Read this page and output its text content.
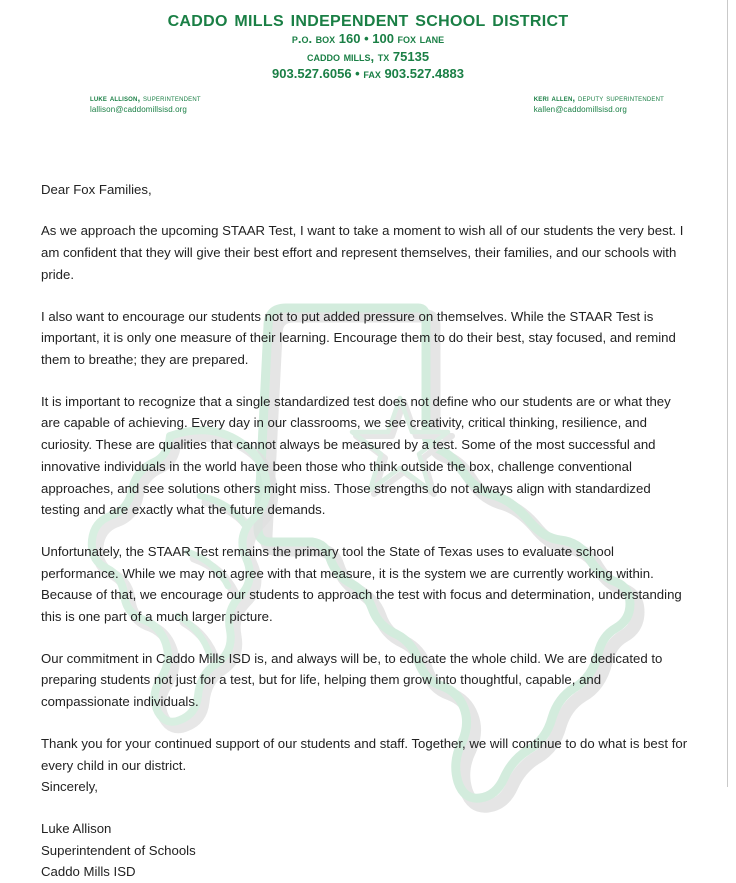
caddo mills independent school district
p.o. box 160 • 100 fox lane
caddo mills, tx 75135
903.527.6056 • fax 903.527.4883
luke allison, superintendent
lallison@caddomillsisd.org
keri allen, deputy superintendent
kallen@caddomillsisd.org

Dear Fox Families,

As we approach the upcoming STAAR Test, I want to take a moment to wish all of our students the very best. I am confident that they will give their best effort and represent themselves, their families, and our schools with pride.

I also want to encourage our students not to put added pressure on themselves. While the STAAR Test is important, it is only one measure of their learning. Encourage them to do their best, stay focused, and remind them to breathe; they are prepared.

It is important to recognize that a single standardized test does not define who our students are or what they are capable of achieving. Every day in our classrooms, we see creativity, critical thinking, resilience, and curiosity. These are qualities that cannot always be measured by a test. Some of the most successful and innovative individuals in the world have been those who think outside the box, challenge conventional approaches, and see solutions others might miss. Those strengths do not always align with standardized testing and are exactly what the future demands.

Unfortunately, the STAAR Test remains the primary tool the State of Texas uses to evaluate school performance. While we may not agree with that measure, it is the system we are currently working within. Because of that, we encourage our students to approach the test with focus and determination, understanding this is one part of a much larger picture.

Our commitment in Caddo Mills ISD is, and always will be, to educate the whole child. We are dedicated to preparing students not just for a test, but for life, helping them grow into thoughtful, capable, and compassionate individuals.

Thank you for your continued support of our students and staff. Together, we will continue to do what is best for every child in our district.

Sincerely,

Luke Allison
Superintendent of Schools
Caddo Mills ISD
